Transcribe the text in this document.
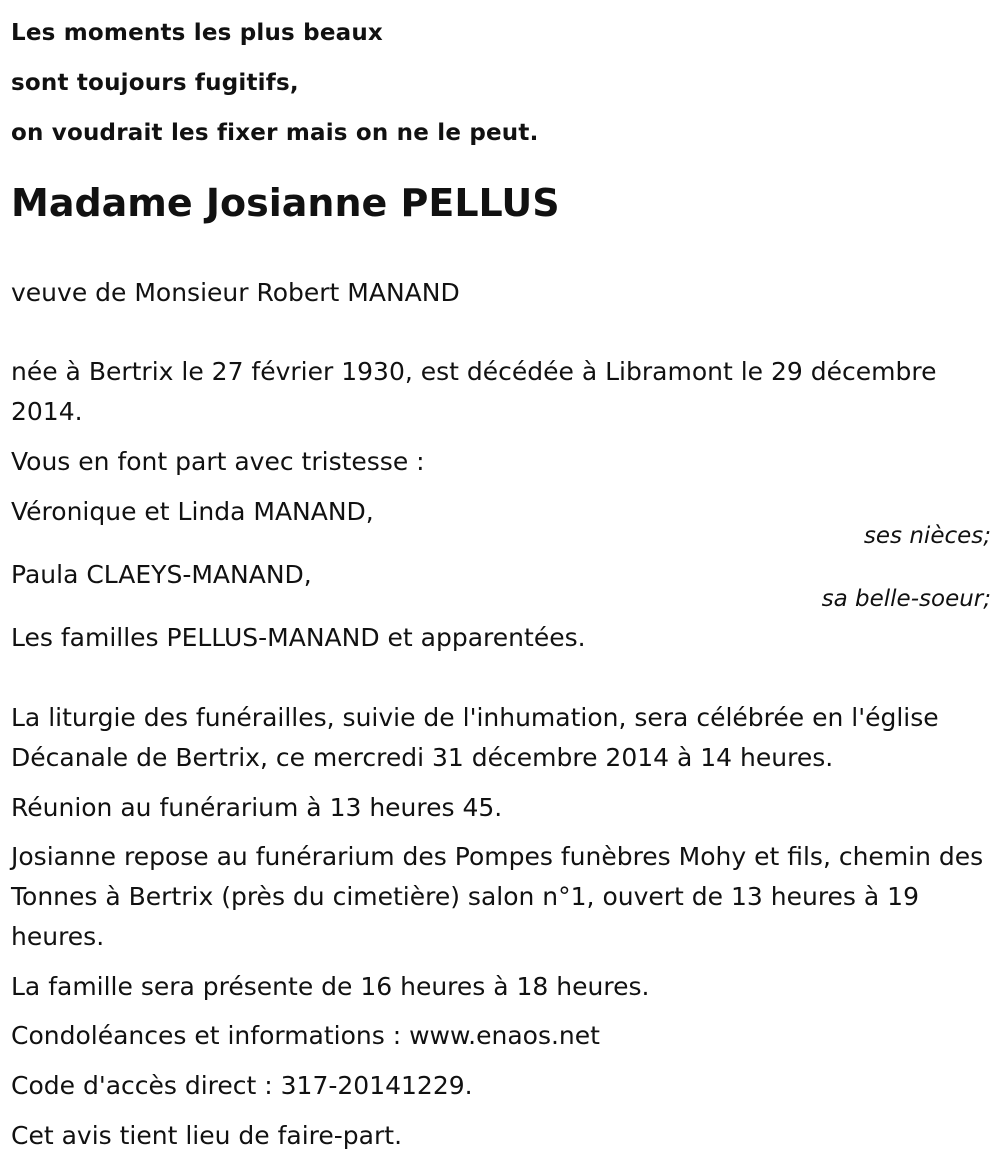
Les moments les plus beaux
sont toujours fugitifs,
on voudrait les fixer mais on ne le peut.
Madame Josianne PELLUS
veuve de Monsieur Robert MANAND
née à Bertrix le 27 février 1930, est décédée à Libramont le 29 décembre 2014.
Vous en font part avec tristesse :
Véronique et Linda MANAND,
ses nièces;
Paula CLAEYS-MANAND,
sa belle-soeur;
Les familles PELLUS-MANAND et apparentées.
La liturgie des funérailles, suivie de l'inhumation, sera célébrée en l'église Décanale de Bertrix, ce mercredi 31 décembre 2014 à 14 heures.
Réunion au funérarium à 13 heures 45.
Josianne repose au funérarium des Pompes funèbres Mohy et fils, chemin des Tonnes à Bertrix (près du cimetière) salon n°1, ouvert de 13 heures à 19 heures.
La famille sera présente de 16 heures à 18 heures.
Condoléances et informations : www.enaos.net
Code d'accès direct : 317-20141229.
Cet avis tient lieu de faire-part.
